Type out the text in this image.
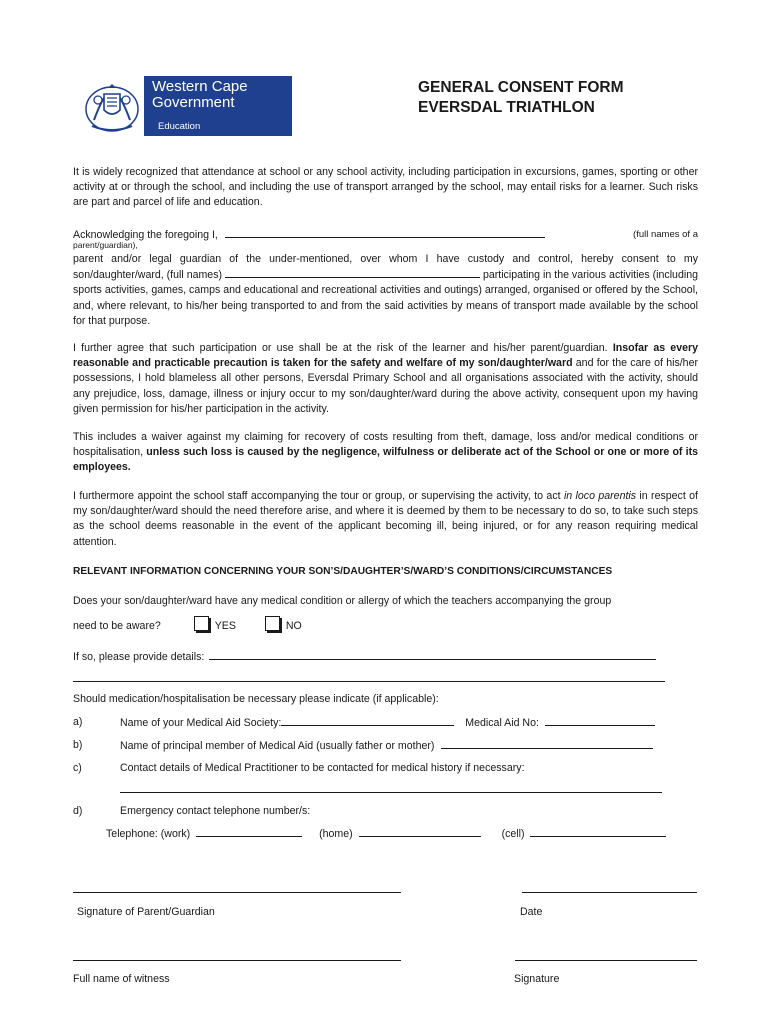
Western Cape
Government
Education
GENERAL CONSENT FORM
EVERSDAL TRIATHLON
It is widely recognized that attendance at school or any school activity, including participation in excursions, games, sporting or other activity at or through the school, and including the use of transport arranged by the school, may entail risks for a learner. Such risks are part and parcel of life and education.
Acknowledging the foregoing I,	(full names of a
parent/guardian),
parent and/or legal guardian of the under-mentioned, over whom I have custody and control, hereby consent to my son/daughter/ward, (full names)	participating in the various activities (including sports activities, games, camps and educational and recreational activities and outings) arranged, organised or offered by the School, and, where relevant, to his/her being transported to and from the said activities by means of transport made available by the school for that purpose.
I further agree that such participation or use shall be at the risk of the learner and his/her parent/guardian. Insofar as every reasonable and practicable precaution is taken for the safety and welfare of my son/daughter/ward and for the care of his/her possessions, I hold blameless all other persons, Eversdal Primary School and all organisations associated with the activity, should any prejudice, loss, damage, illness or injury occur to my son/daughter/ward during the above activity, consequent upon my having given permission for his/her participation in the activity.
This includes a waiver against my claiming for recovery of costs resulting from theft, damage, loss and/or medical conditions or hospitalisation, unless such loss is caused by the negligence, wilfulness or deliberate act of the School or one or more of its employees.
I furthermore appoint the school staff accompanying the tour or group, or supervising the activity, to act in loco parentis in respect of my son/daughter/ward should the need therefore arise, and where it is deemed by them to be necessary to do so, to take such steps as the school deems reasonable in the event of the applicant becoming ill, being injured, or for any reason requiring medical attention.
RELEVANT INFORMATION CONCERNING YOUR SON’S/DAUGHTER’S/WARD’S CONDITIONS/CIRCUMSTANCES
Does your son/daughter/ward have any medical condition or allergy of which the teachers accompanying the group
need to be aware?	YES	NO
If so, please provide details:
Should medication/hospitalisation be necessary please indicate (if applicable):
a)	Name of your Medical Aid Society:	Medical Aid No:
b)	Name of principal member of Medical Aid (usually father or mother)
c)	Contact details of Medical Practitioner to be contacted for medical history if necessary:
d)	Emergency contact telephone number/s:
Telephone: (work)	(home)	(cell)
Signature of Parent/Guardian	Date
Full name of witness	Signature
